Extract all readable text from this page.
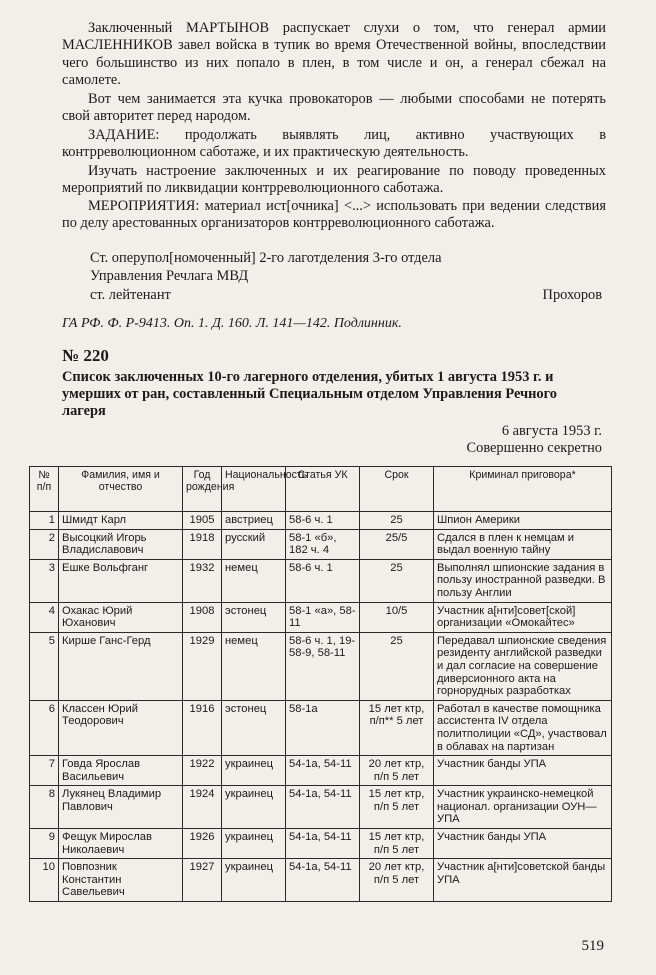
Заключенный МАРТЫНОВ распускает слухи о том, что генерал армии МАСЛЕННИКОВ завел войска в тупик во время Отечественной войны, впоследствии чего большинство из них попало в плен, в том числе и он, а генерал сбежал на самолете.

Вот чем занимается эта кучка провокаторов — любыми способами не потерять свой авторитет перед народом.

ЗАДАНИЕ: продолжать выявлять лиц, активно участвующих в контрреволюционном саботаже, и их практическую деятельность.

Изучать настроение заключенных и их реагирование по поводу проведенных мероприятий по ликвидации контрреволюционного саботажа.

МЕРОПРИЯТИЯ: материал ист[очника] <...> использовать при ведении следствия по делу арестованных организаторов контрреволюционного саботажа.

Ст. оперупол[номоченный] 2-го лаготделения 3-го отдела
Управления Речлага МВД
ст. лейтенант	Прохоров
ГА РФ. Ф. Р-9413. Оп. 1. Д. 160. Л. 141—142. Подлинник.
№ 220
Список заключенных 10-го лагерного отделения, убитых 1 августа 1953 г. и умерших от ран, составленный Специальным отделом Управления Речного лагеря
6 августа 1953 г.
Совершенно секретно
№ п/п	Фамилия, имя и отчество	Год рождения	Национальность	Статья УК	Срок	Криминал приговора*
1	Шмидт Карл	1905	австриец	58-6 ч. 1	25	Шпион Америки
2	Высоцкий Игорь Владиславович	1918	русский	58-1 «б», 182 ч. 4	25/5	Сдался в плен к немцам и выдал военную тайну
3	Ешке Вольфганг	1932	немец	58-6 ч. 1	25	Выполнял шпионские задания в пользу иностранной разведки. В пользу Англии
4	Охакас Юрий Юханович	1908	эстонец	58-1 «а», 58-11	10/5	Участник а[нти]совет[ской] организации «Омокайтес»
5	Кирше Ганс-Герд	1929	немец	58-6 ч. 1, 19-58-9, 58-11	25	Передавал шпионские сведения резиденту английской разведки и дал согласие на совершение диверсионного акта на горнорудных разработках
6	Классен Юрий Теодорович	1916	эстонец	58-1а	15 лет ктр, п/п** 5 лет	Работал в качестве помощника ассистента IV отдела политполиции «СД», участвовал в облавах на партизан
7	Говда Ярослав Васильевич	1922	украинец	54-1а, 54-11	20 лет ктр, п/п 5 лет	Участник банды УПА
8	Лукянец Владимир Павлович	1924	украинец	54-1а, 54-11	15 лет ктр, п/п 5 лет	Участник украинско-немецкой национал. организации ОУН—УПА
9	Фещук Мирослав Николаевич	1926	украинец	54-1а, 54-11	15 лет ктр, п/п 5 лет	Участник банды УПА
10	Повпозник Константин Савельевич	1927	украинец	54-1а, 54-11	20 лет ктр, п/п 5 лет	Участник а[нти]советской банды УПА
519
